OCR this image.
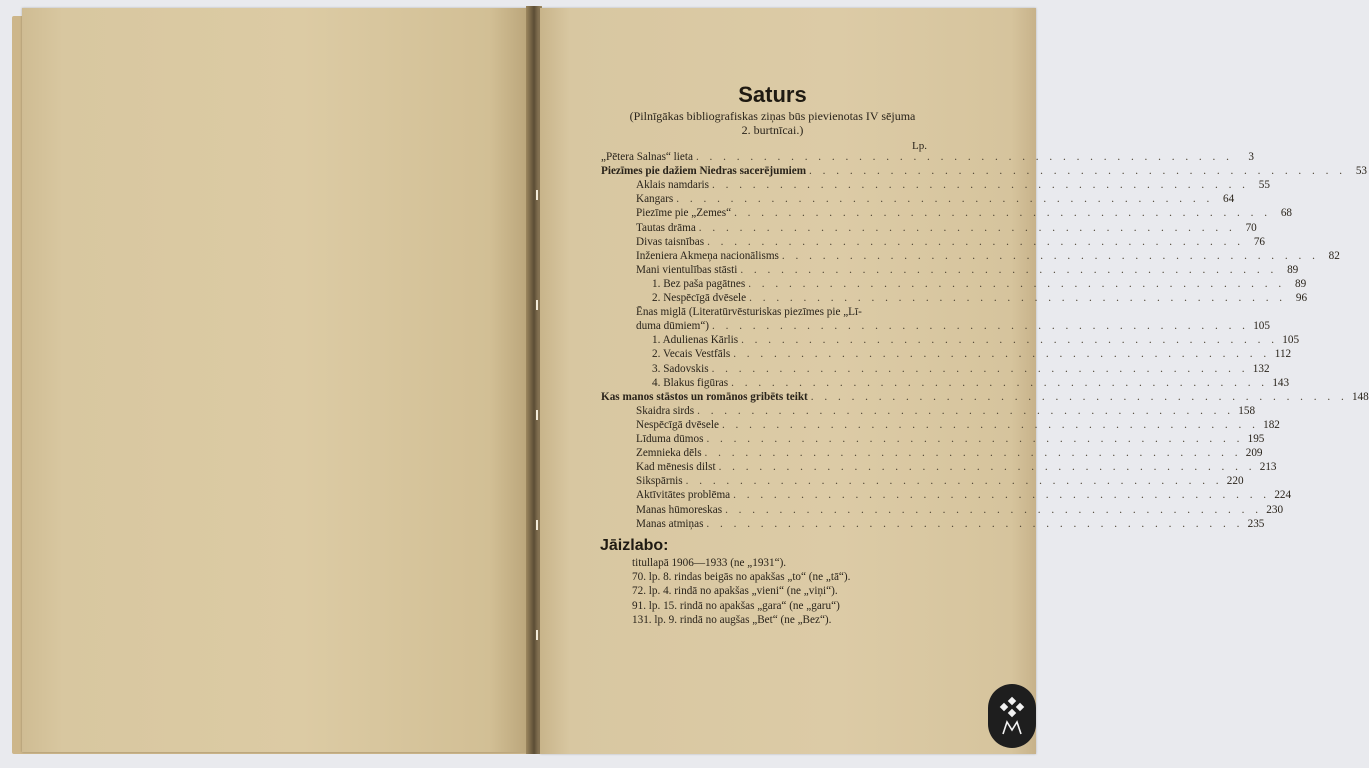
Saturs
(Pilnīgākas bibliografiskas ziņas būs pievienotas IV sējuma
2. burtnīcai.)
Lp.
„Pētera Salnas“ lieta . . . . . . . . . . . . . . . . . . . . . . . . . . . . . . . . . . . . . . . .	3
Piezīmes pie dažiem Niedras sacerējumiem . . . . . . . . . . . . . . . . . . . . . . . . . . . . . . . . . . . . . . . . 53
Aklais namdaris . . . . . . . . . . . . . . . . . . . . . . . . . . . . . . . . . . . . . . . . 55
Kangars . . . . . . . . . . . . . . . . . . . . . . . . . . . . . . . . . . . . . . . . 64
Piezīme pie „Zemes“ . . . . . . . . . . . . . . . . . . . . . . . . . . . . . . . . . . . . . . . . 68
Tautas drāma . . . . . . . . . . . . . . . . . . . . . . . . . . . . . . . . . . . . . . . . 70
Divas taisnības . . . . . . . . . . . . . . . . . . . . . . . . . . . . . . . . . . . . . . . . 76
Inženiera Akmeņa nacionālisms . . . . . . . . . . . . . . . . . . . . . . . . . . . . . . . . . . . . . . . . 82
Mani vientulības stāsti . . . . . . . . . . . . . . . . . . . . . . . . . . . . . . . . . . . . . . . . 89
1. Bez paša pagātnes . . . . . . . . . . . . . . . . . . . . . . . . . . . . . . . . . . . . . . . . 89
2. Nespēcīgā dvēsele . . . . . . . . . . . . . . . . . . . . . . . . . . . . . . . . . . . . . . . . 96
Ēnas miglā (Literatūrvēsturiskas piezīmes pie „Lī-
duma dūmiem“) . . . . . . . . . . . . . . . . . . . . . . . . . . . . . . . . . . . . . . . . 105
1. Adulienas Kārlis . . . . . . . . . . . . . . . . . . . . . . . . . . . . . . . . . . . . . . . . 105
2. Vecais Vestfāls . . . . . . . . . . . . . . . . . . . . . . . . . . . . . . . . . . . . . . . . 112
3. Sadovskis . . . . . . . . . . . . . . . . . . . . . . . . . . . . . . . . . . . . . . . . 132
4. Blakus figūras . . . . . . . . . . . . . . . . . . . . . . . . . . . . . . . . . . . . . . . . 143
Kas manos stāstos un romānos gribēts teikt . . . . . . . . . . . . . . . . . . . . . . . . . . . . . . . . . . . . . . . . 148
Skaidra sirds . . . . . . . . . . . . . . . . . . . . . . . . . . . . . . . . . . . . . . . . 158
Nespēcīgā dvēsele . . . . . . . . . . . . . . . . . . . . . . . . . . . . . . . . . . . . . . . . 182
Līduma dūmos . . . . . . . . . . . . . . . . . . . . . . . . . . . . . . . . . . . . . . . . 195
Zemnieka dēls . . . . . . . . . . . . . . . . . . . . . . . . . . . . . . . . . . . . . . . . 209
Kad mēnesis dilst . . . . . . . . . . . . . . . . . . . . . . . . . . . . . . . . . . . . . . . . 213
Sikspārnis . . . . . . . . . . . . . . . . . . . . . . . . . . . . . . . . . . . . . . . . 220
Aktīvitātes problēma . . . . . . . . . . . . . . . . . . . . . . . . . . . . . . . . . . . . . . . . 224
Manas hūmoreskas . . . . . . . . . . . . . . . . . . . . . . . . . . . . . . . . . . . . . . . . 230
Manas atmiņas . . . . . . . . . . . . . . . . . . . . . . . . . . . . . . . . . . . . . . . . 235
Jāizlabo:
titullapā 1906—1933 (ne „1931“).
70. lp. 8. rindas beigās no apakšas „to“ (ne „tā“).
72. lp. 4. rindā no apakšas „vieni“ (ne „viņi“).
91. lp. 15. rindā no apakšas „gara“ (ne „garu“)
131. lp. 9. rindā no augšas „Bet“ (ne „Bez“).
